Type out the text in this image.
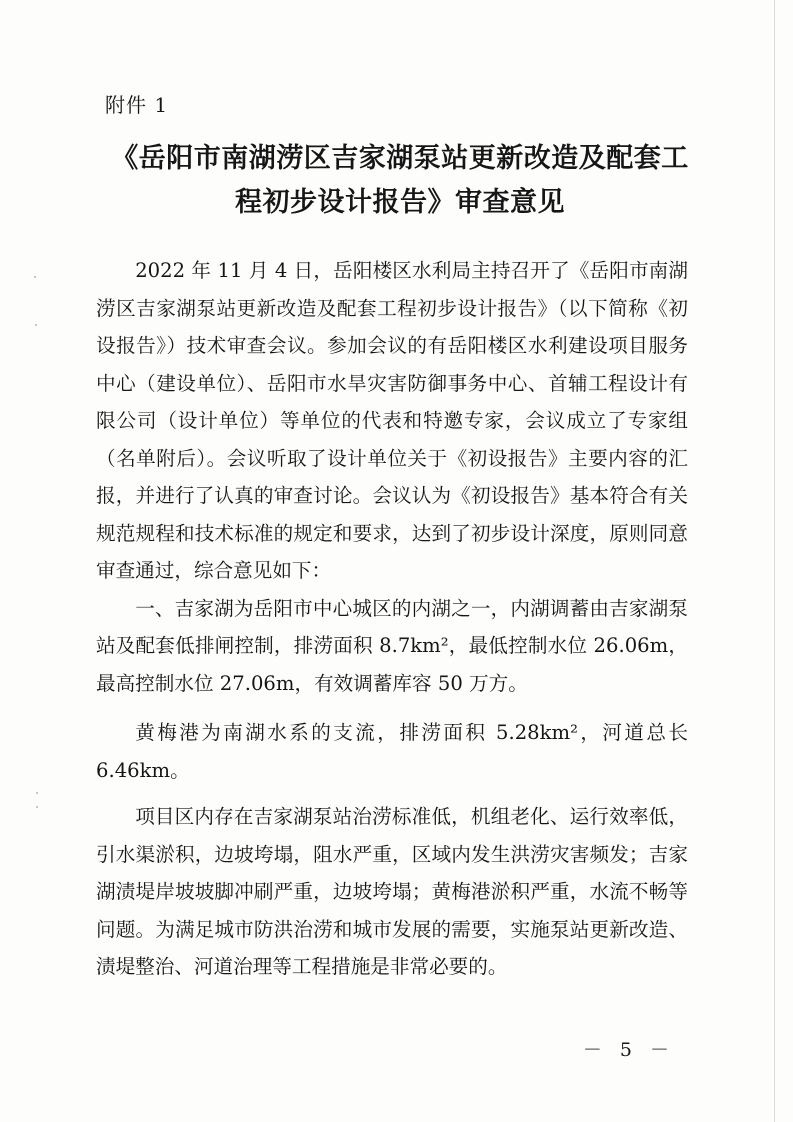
附件 1
《岳阳市南湖涝区吉家湖泵站更新改造及配套工程初步设计报告》审查意见

2022 年 11 月 4 日，岳阳楼区水利局主持召开了《岳阳市南湖涝区吉家湖泵站更新改造及配套工程初步设计报告》（以下简称《初设报告》）技术审查会议。参加会议的有岳阳楼区水利建设项目服务中心（建设单位）、岳阳市水旱灾害防御事务中心、首辅工程设计有限公司（设计单位）等单位的代表和特邀专家，会议成立了专家组（名单附后）。会议听取了设计单位关于《初设报告》主要内容的汇报，并进行了认真的审查讨论。会议认为《初设报告》基本符合有关规范规程和技术标准的规定和要求，达到了初步设计深度，原则同意审查通过，综合意见如下：

一、吉家湖为岳阳市中心城区的内湖之一，内湖调蓄由吉家湖泵站及配套低排闸控制，排涝面积 8.7km²，最低控制水位 26.06m，最高控制水位 27.06m，有效调蓄库容 50 万方。

黄梅港为南湖水系的支流，排涝面积 5.28km²，河道总长 6.46km。

项目区内存在吉家湖泵站治涝标准低，机组老化、运行效率低，引水渠淤积，边坡垮塌，阻水严重，区域内发生洪涝灾害频发；吉家湖渍堤岸坡坡脚冲刷严重，边坡垮塌；黄梅港淤积严重，水流不畅等问题。为满足城市防洪治涝和城市发展的需要，实施泵站更新改造、渍堤整治、河道治理等工程措施是非常必要的。

－ 5 －
